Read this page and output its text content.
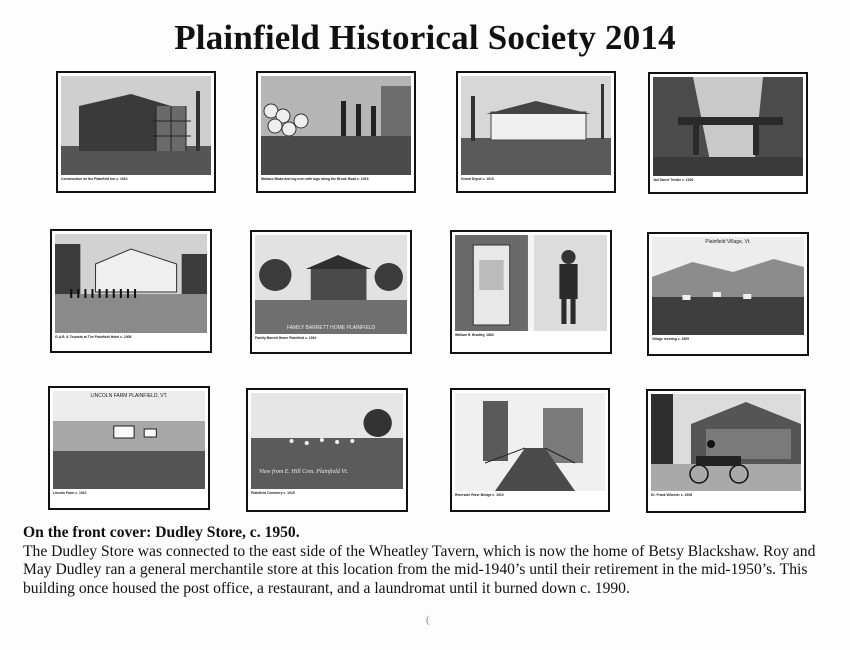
Plainfield Historical Society 2014
Construction on the Plainfield Inn c. 1910	Wallace Blake and log men with logs along the Brook Road c. 1915	Grand Depot c. 1910	Jail Street Trestle c. 1920
G.A.R. & Tourists at The Plainfield Hotel c. 1908
FAMILY BARRETT HOME PLAINFIELD
Family Barrett Home Plainfield c. 1910
William H. Bradley, 1863
Plainfield Village, Vt.
Village meeting c. 1909
LINCOLN FARM PLAINFIELD, VT.
Lincoln Farm c. 1910
View from E. Hill Cem. Plainfield Vt.
Plainfield Cemetery c. 1915	Riverside River Bridge c. 1910	Dr. Frank Wheeler c. 1908
On the front cover: Dudley Store, c. 1950.
The Dudley Store was connected to the east side of the Wheatley Tavern, which is now the home of Betsy Blackshaw. Roy and May Dudley ran a general merchantile store at this location from the mid-1940’s until their retirement in the mid-1950’s. This building once housed the post office, a restaurant, and a laundromat until it burned down c. 1990.
(
